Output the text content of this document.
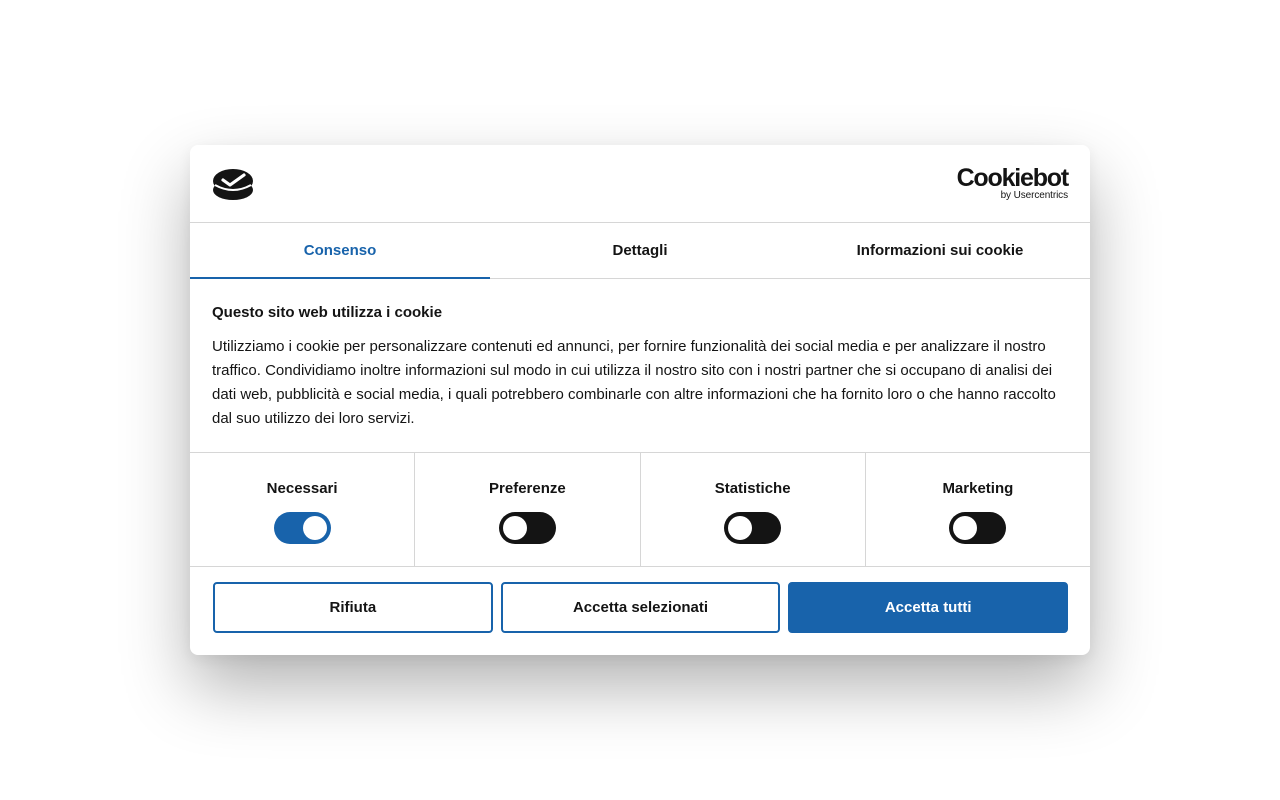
Cookiebot
by Usercentrics
Consenso	Dettagli	Informazioni sui cookie
Questo sito web utilizza i cookie

Utilizziamo i cookie per personalizzare contenuti ed annunci, per fornire funzionalità dei social media e per analizzare il nostro traffico. Condividiamo inoltre informazioni sul modo in cui utilizza il nostro sito con i nostri partner che si occupano di analisi dei dati web, pubblicità e social media, i quali potrebbero combinarle con altre informazioni che ha fornito loro o che hanno raccolto dal suo utilizzo dei loro servizi.

Necessari	Preferenze	Statistiche	Marketing
Rifiuta	Accetta selezionati	Accetta tutti
